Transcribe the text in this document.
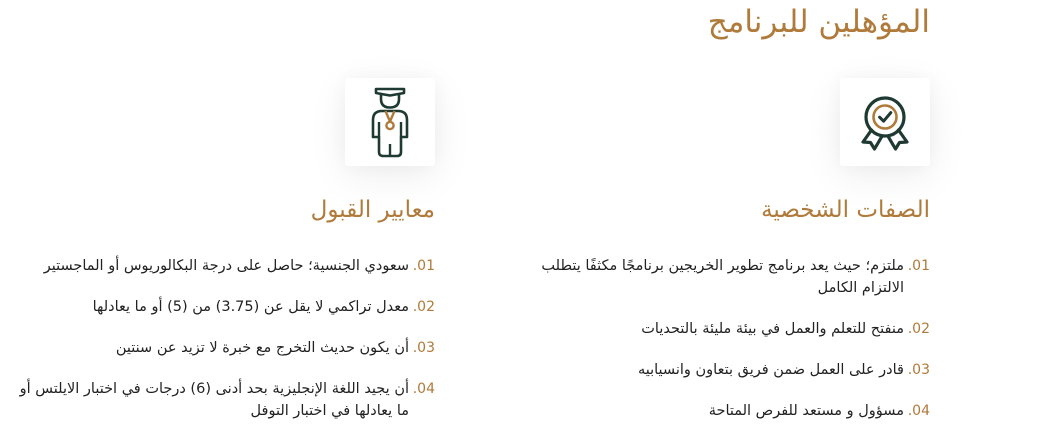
المؤهلين للبرنامج
الصفات الشخصية
01.
ملتزم؛ حيث يعد برنامج تطوير الخريجين برنامجًا مكثفًا يتطلب الالتزام الكامل
02.
منفتح للتعلم والعمل في بيئة مليئة بالتحديات
03.
قادر على العمل ضمن فريق بتعاون وانسيابيه
04.
مسؤول و مستعد للفرص المتاحة
معايير القبول
01.
سعودي الجنسية؛ حاصل على درجة البكالوريوس أو الماجستير
02.
معدل تراكمي لا يقل عن (3.75) من (5) أو ما يعادلها
03.
أن يكون حديث التخرج مع خبرة لا تزيد عن سنتين
04.
أن يجيد اللغة الإنجليزية بحد أدنى (6) درجات في اختبار الايلتس أو ما يعادلها في اختبار التوفل
